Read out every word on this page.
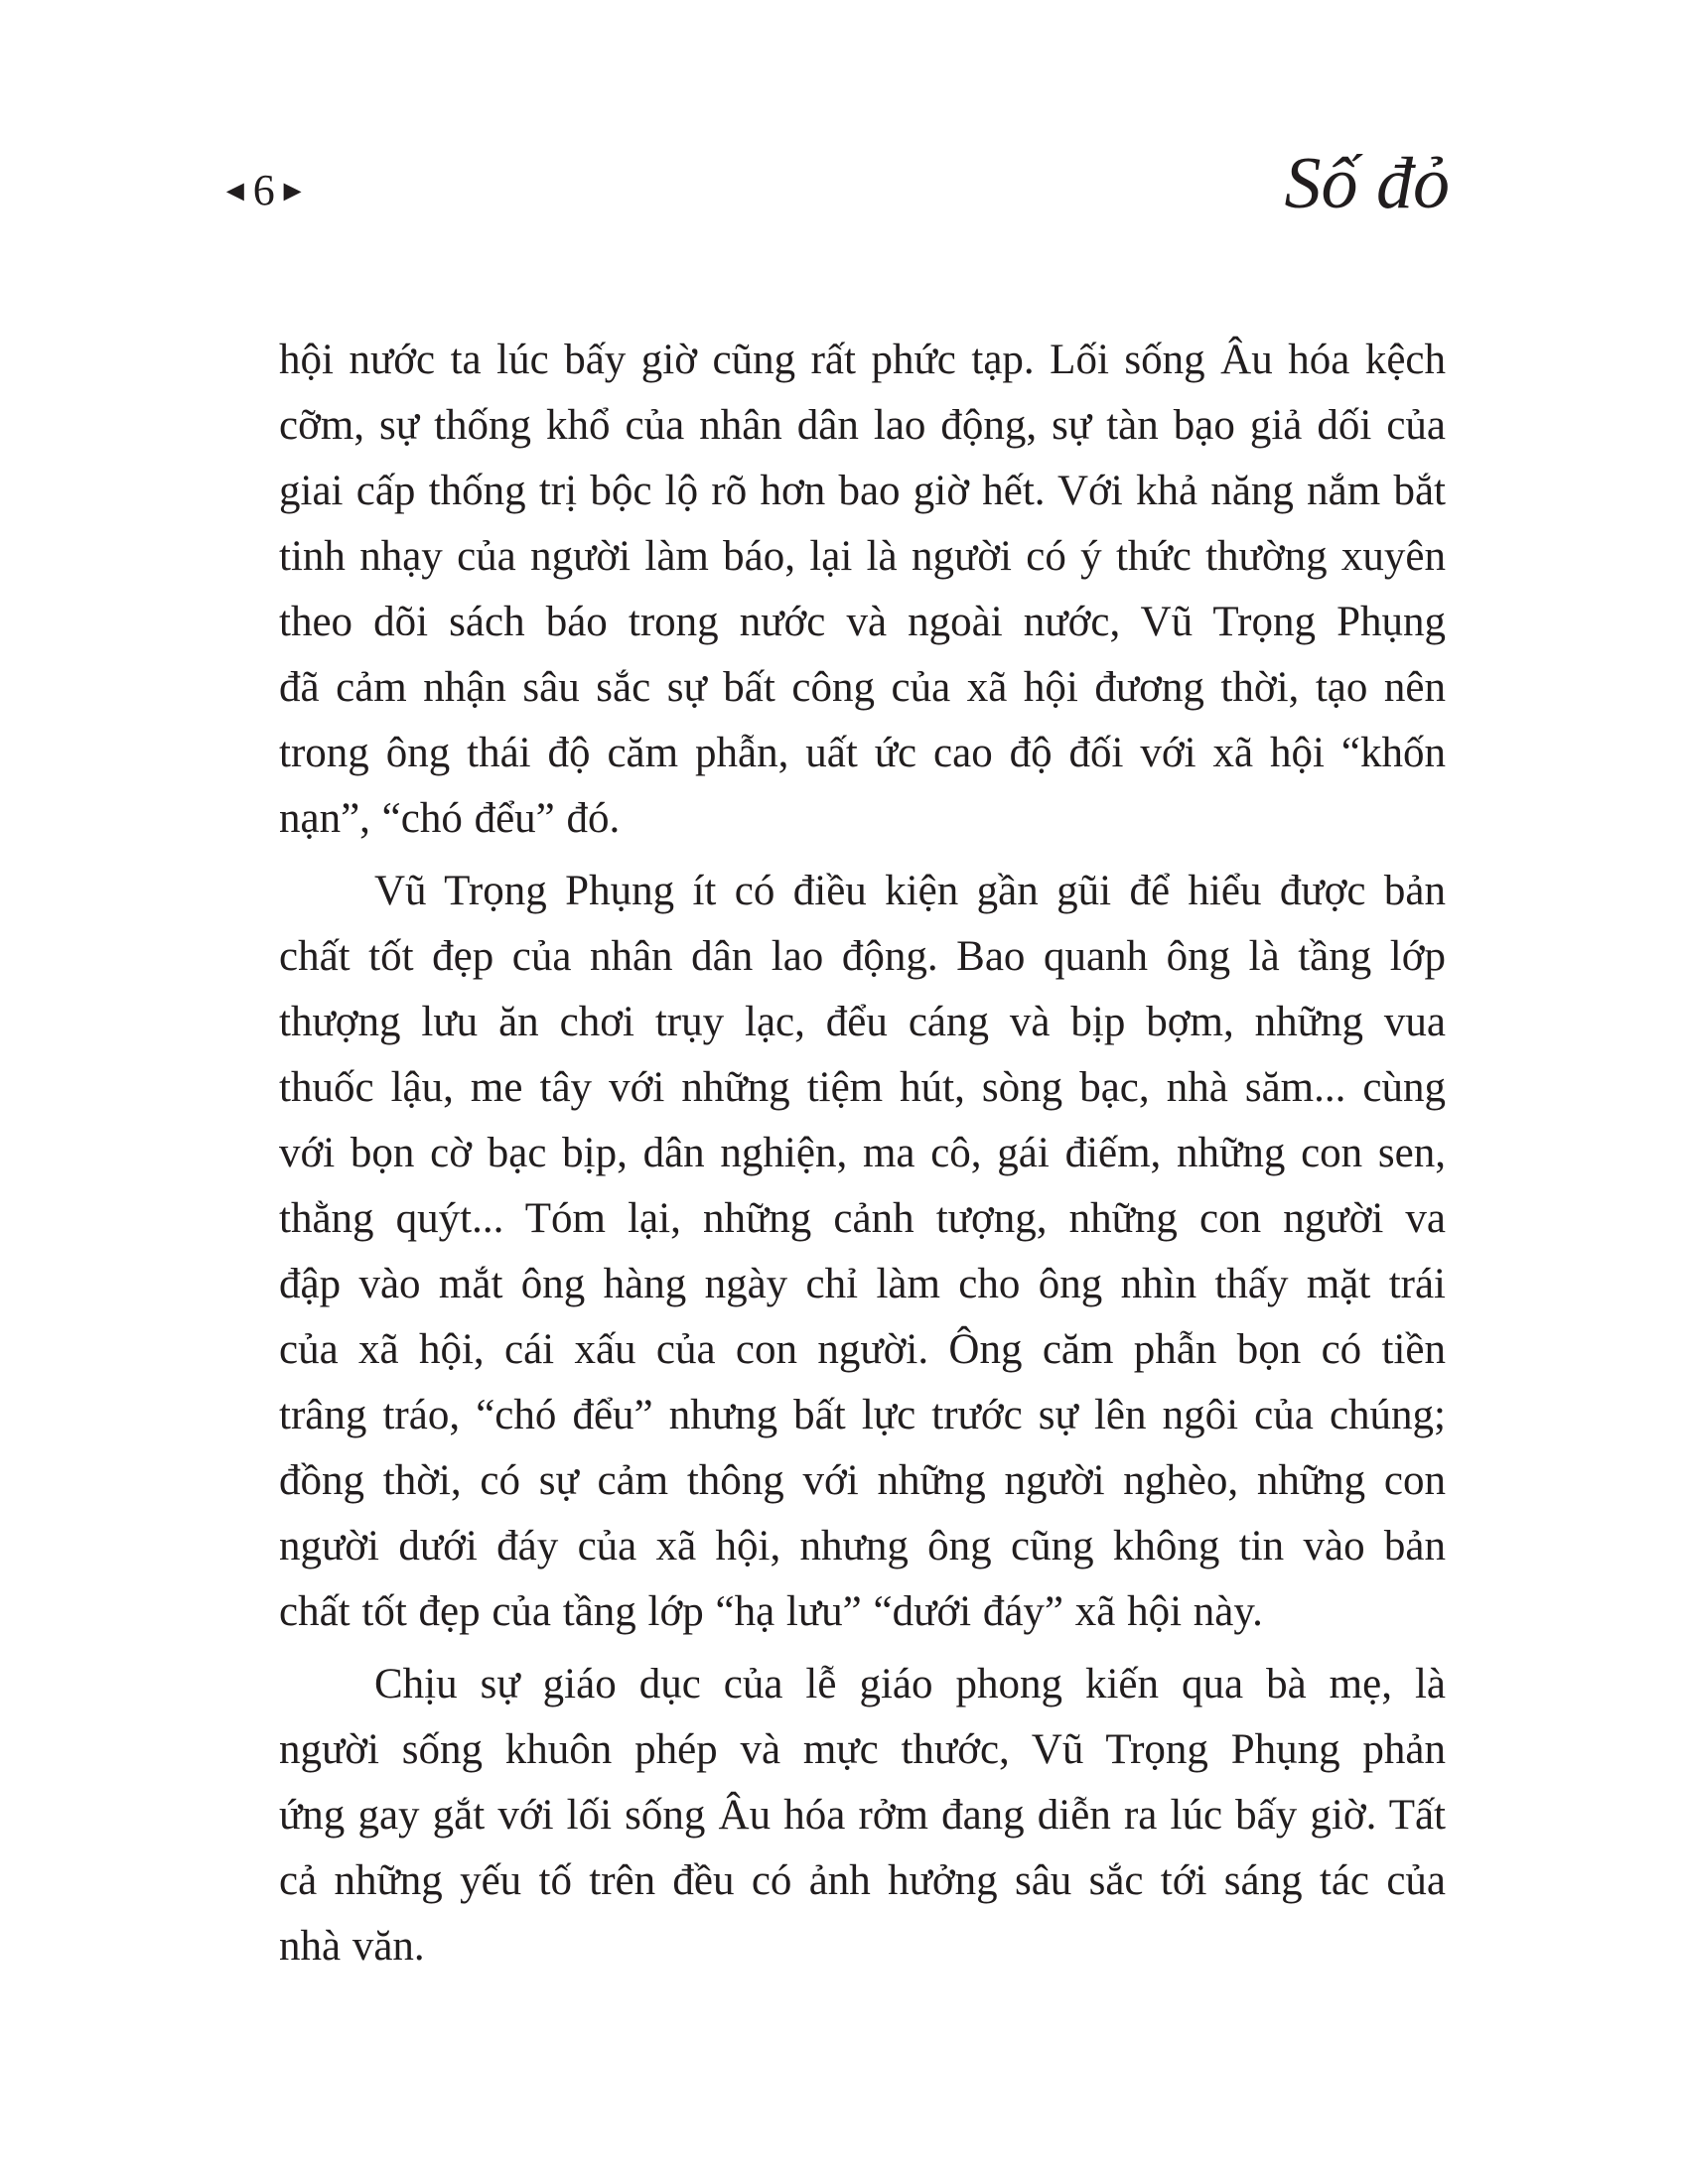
◄ 6 ►	Số đỏ
hội nước ta lúc bấy giờ cũng rất phức tạp. Lối sống Âu hóa kệch
cỡm, sự thống khổ của nhân dân lao động, sự tàn bạo giả dối của
giai cấp thống trị bộc lộ rõ hơn bao giờ hết. Với khả năng nắm bắt
tinh nhạy của người làm báo, lại là người có ý thức thường xuyên
theo dõi sách báo trong nước và ngoài nước, Vũ Trọng Phụng
đã cảm nhận sâu sắc sự bất công của xã hội đương thời, tạo nên
trong ông thái độ căm phẫn, uất ức cao độ đối với xã hội “khốn
nạn”, “chó đểu” đó.
Vũ Trọng Phụng ít có điều kiện gần gũi để hiểu được bản
chất tốt đẹp của nhân dân lao động. Bao quanh ông là tầng lớp
thượng lưu ăn chơi trụy lạc, đểu cáng và bịp bợm, những vua
thuốc lậu, me tây với những tiệm hút, sòng bạc, nhà săm... cùng
với bọn cờ bạc bịp, dân nghiện, ma cô, gái điếm, những con sen,
thằng quýt... Tóm lại, những cảnh tượng, những con người va
đập vào mắt ông hàng ngày chỉ làm cho ông nhìn thấy mặt trái
của xã hội, cái xấu của con người. Ông căm phẫn bọn có tiền
trâng tráo, “chó đểu” nhưng bất lực trước sự lên ngôi của chúng;
đồng thời, có sự cảm thông với những người nghèo, những con
người dưới đáy của xã hội, nhưng ông cũng không tin vào bản
chất tốt đẹp của tầng lớp “hạ lưu” “dưới đáy” xã hội này.
Chịu sự giáo dục của lễ giáo phong kiến qua bà mẹ, là
người sống khuôn phép và mực thước, Vũ Trọng Phụng phản
ứng gay gắt với lối sống Âu hóa rởm đang diễn ra lúc bấy giờ. Tất
cả những yếu tố trên đều có ảnh hưởng sâu sắc tới sáng tác của
nhà văn.
